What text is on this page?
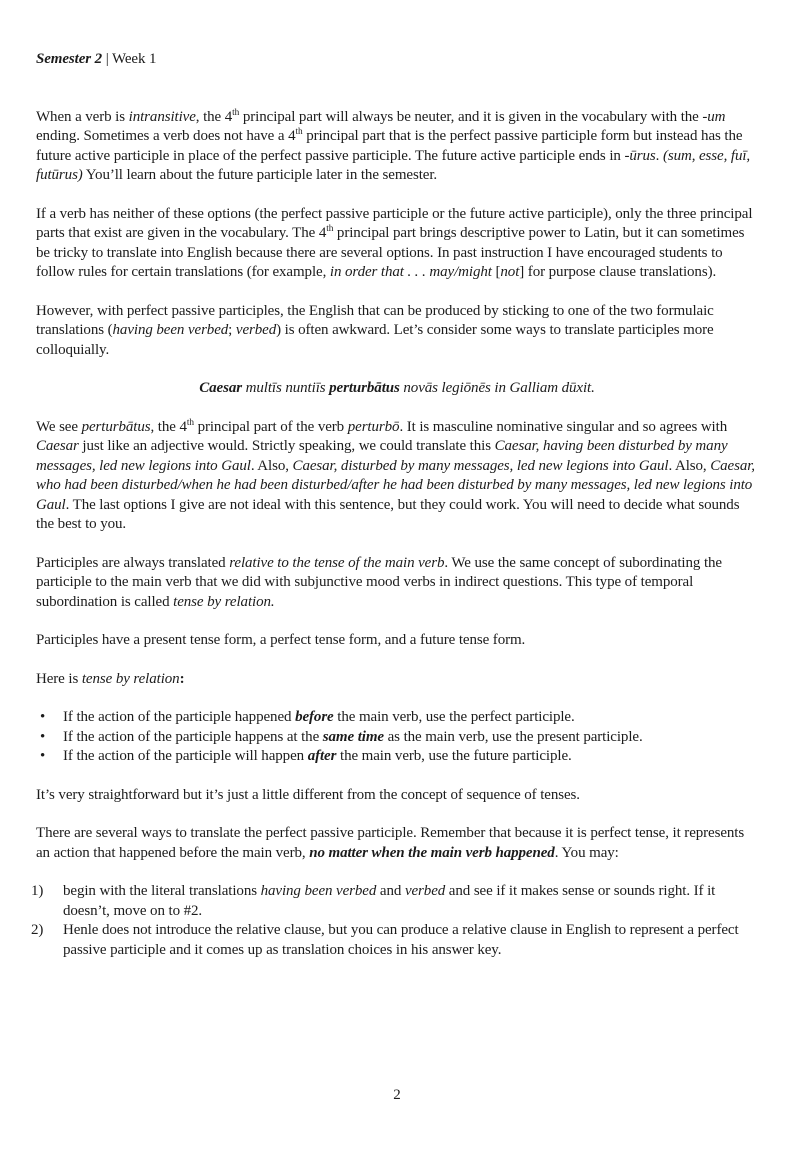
Semester 2 | Week 1

When a verb is intransitive, the 4th principal part will always be neuter, and it is given in the vocabulary with the -um ending. Sometimes a verb does not have a 4th principal part that is the perfect passive participle form but instead has the future active participle in place of the perfect passive participle. The future active participle ends in -ūrus. (sum, esse, fuī, futūrus) You’ll learn about the future participle later in the semester.

If a verb has neither of these options (the perfect passive participle or the future active participle), only the three principal parts that exist are given in the vocabulary. The 4th principal part brings descriptive power to Latin, but it can sometimes be tricky to translate into English because there are several options. In past instruction I have encouraged students to follow rules for certain translations (for example, in order that . . . may/might [not] for purpose clause translations).

However, with perfect passive participles, the English that can be produced by sticking to one of the two formulaic translations (having been verbed; verbed) is often awkward. Let’s consider some ways to translate participles more colloquially.

Caesar multīs nuntiīs perturbātus novās legiōnēs in Galliam dūxit.

We see perturbātus, the 4th principal part of the verb perturbō. It is masculine nominative singular and so agrees with Caesar just like an adjective would. Strictly speaking, we could translate this Caesar, having been disturbed by many messages, led new legions into Gaul. Also, Caesar, disturbed by many messages, led new legions into Gaul. Also, Caesar, who had been disturbed/when he had been disturbed/after he had been disturbed by many messages, led new legions into Gaul. The last options I give are not ideal with this sentence, but they could work. You will need to decide what sounds the best to you.

Participles are always translated relative to the tense of the main verb. We use the same concept of subordinating the participle to the main verb that we did with subjunctive mood verbs in indirect questions. This type of temporal subordination is called tense by relation.

Participles have a present tense form, a perfect tense form, and a future tense form.

Here is tense by relation:

• If the action of the participle happened before the main verb, use the perfect participle.
• If the action of the participle happens at the same time as the main verb, use the present participle.
• If the action of the participle will happen after the main verb, use the future participle.

It’s very straightforward but it’s just a little different from the concept of sequence of tenses.

There are several ways to translate the perfect passive participle. Remember that because it is perfect tense, it represents an action that happened before the main verb, no matter when the main verb happened. You may:

1) begin with the literal translations having been verbed and verbed and see if it makes sense or sounds right. If it doesn’t, move on to #2.
2) Henle does not introduce the relative clause, but you can produce a relative clause in English to represent a perfect passive participle and it comes up as translation choices in his answer key.
2
